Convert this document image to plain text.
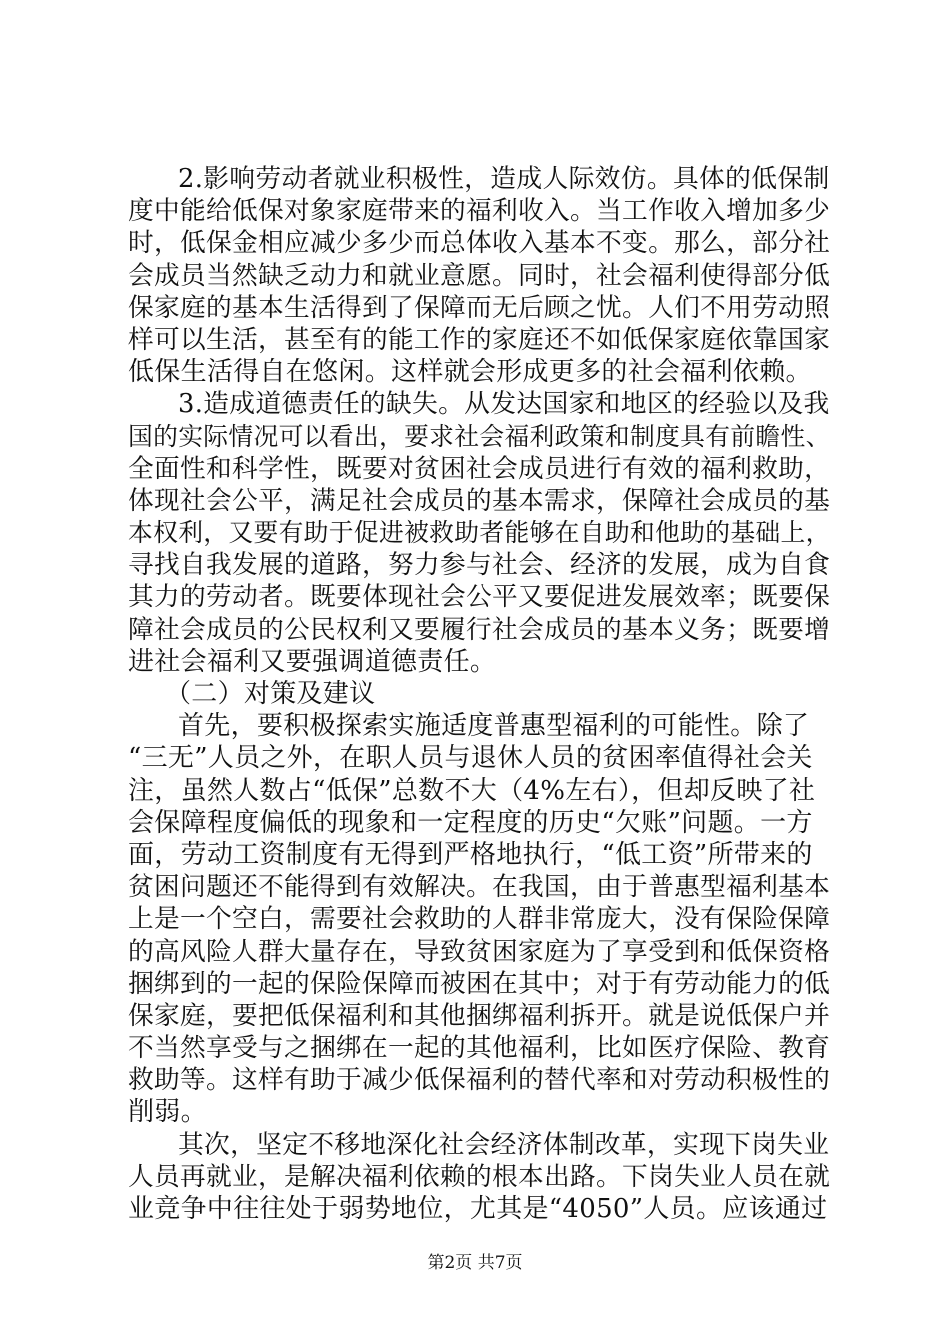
2.影响劳动者就业积极性，造成人际效仿。具体的低保制
度中能给低保对象家庭带来的福利收入。当工作收入增加多少
时，低保金相应减少多少而总体收入基本不变。那么，部分社
会成员当然缺乏动力和就业意愿。同时，社会福利使得部分低
保家庭的基本生活得到了保障而无后顾之忧。人们不用劳动照
样可以生活，甚至有的能工作的家庭还不如低保家庭依靠国家
低保生活得自在悠闲。这样就会形成更多的社会福利依赖。
3.造成道德责任的缺失。从发达国家和地区的经验以及我
国的实际情况可以看出，要求社会福利政策和制度具有前瞻性、
全面性和科学性，既要对贫困社会成员进行有效的福利救助，
体现社会公平，满足社会成员的基本需求，保障社会成员的基
本权利，又要有助于促进被救助者能够在自助和他助的基础上，
寻找自我发展的道路，努力参与社会、经济的发展，成为自食
其力的劳动者。既要体现社会公平又要促进发展效率；既要保
障社会成员的公民权利又要履行社会成员的基本义务；既要增
进社会福利又要强调道德责任。
（二）对策及建议
首先，要积极探索实施适度普惠型福利的可能性。除了
“三无”人员之外，在职人员与退休人员的贫困率值得社会关
注，虽然人数占“低保”总数不大（4%左右），但却反映了社
会保障程度偏低的现象和一定程度的历史“欠账”问题。一方
面，劳动工资制度有无得到严格地执行，“低工资”所带来的
贫困问题还不能得到有效解决。在我国，由于普惠型福利基本
上是一个空白，需要社会救助的人群非常庞大，没有保险保障
的高风险人群大量存在，导致贫困家庭为了享受到和低保资格
捆绑到的一起的保险保障而被困在其中；对于有劳动能力的低
保家庭，要把低保福利和其他捆绑福利拆开。就是说低保户并
不当然享受与之捆绑在一起的其他福利，比如医疗保险、教育
救助等。这样有助于减少低保福利的替代率和对劳动积极性的
削弱。
其次，坚定不移地深化社会经济体制改革，实现下岗失业
人员再就业，是解决福利依赖的根本出路。下岗失业人员在就
业竞争中往往处于弱势地位，尤其是“4050”人员。应该通过
第2页 共7页
